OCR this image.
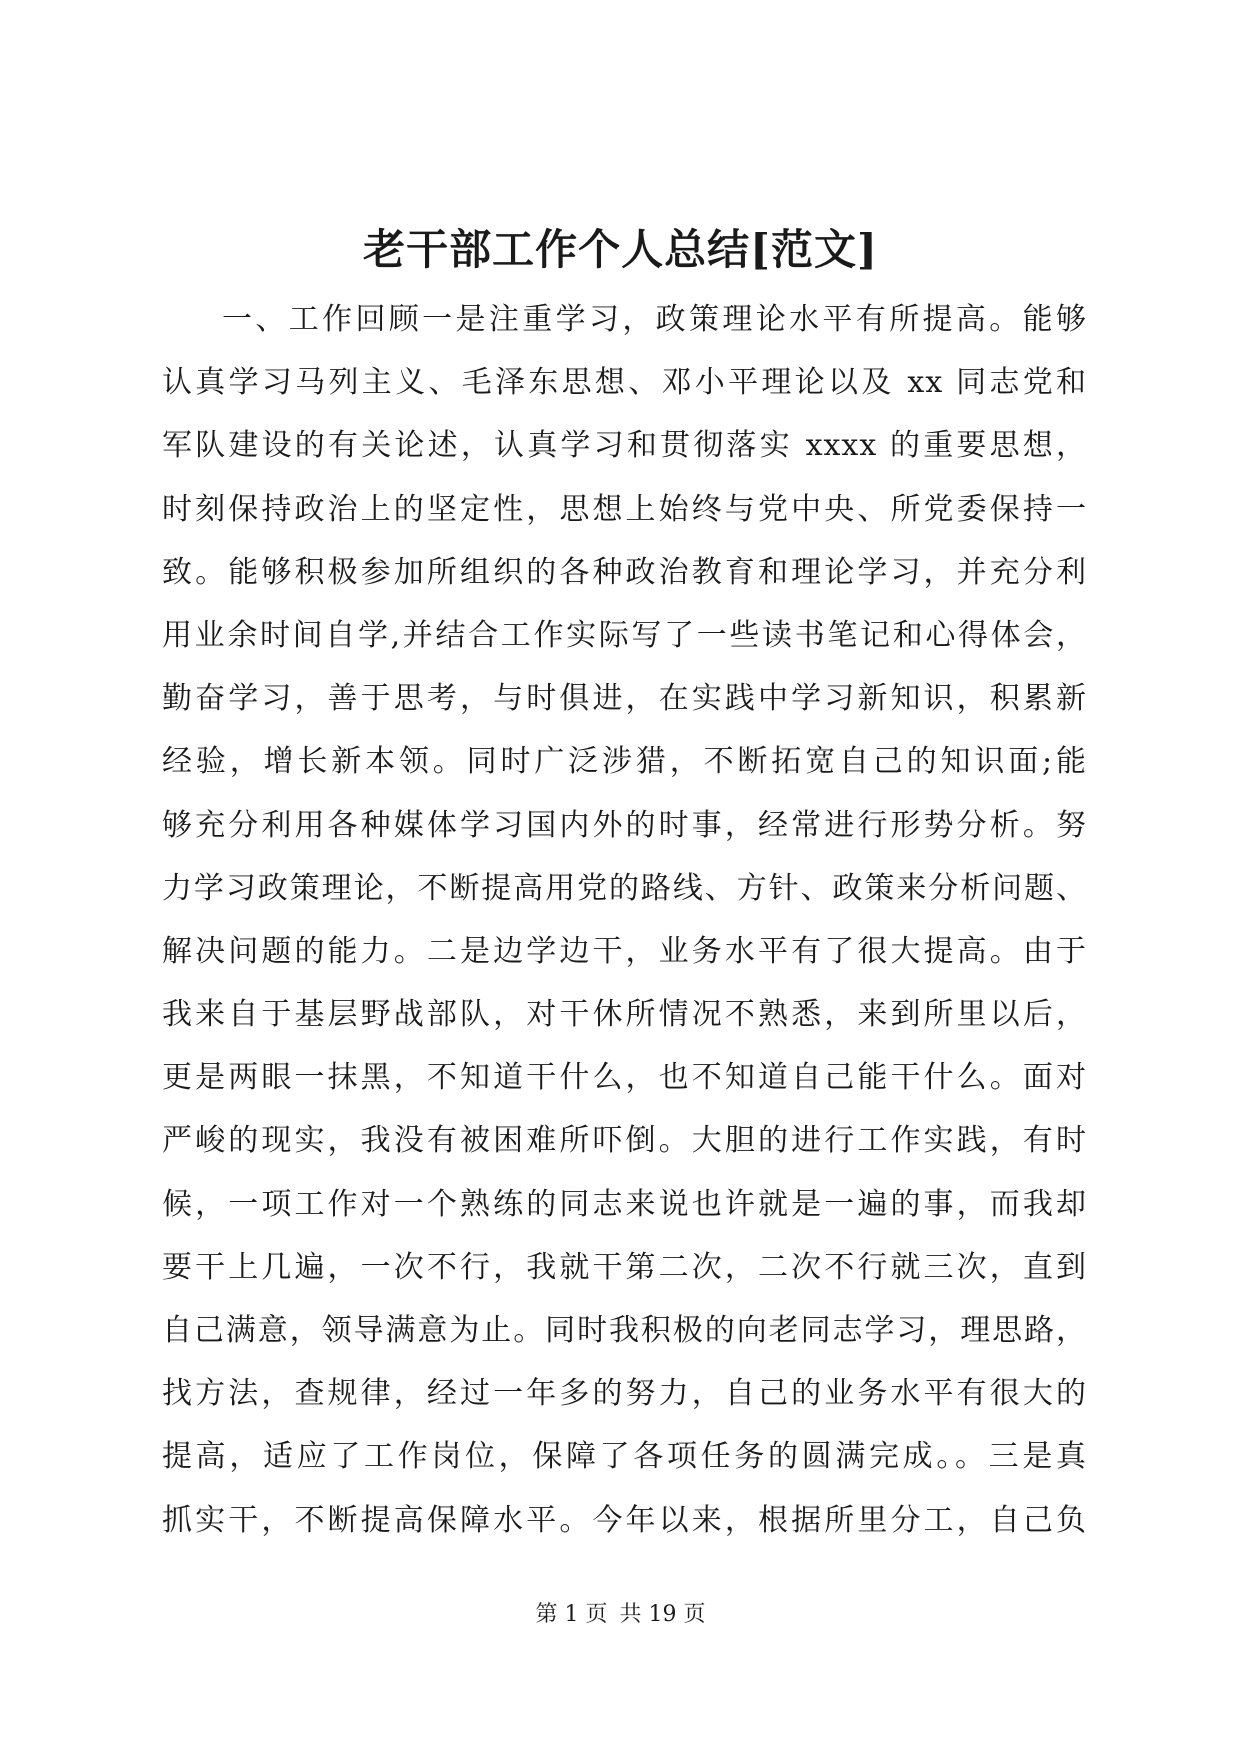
老干部工作个人总结[范文]
一、工作回顾一是注重学习，政策理论水平有所提高。能够
认真学习马列主义、毛泽东思想、邓小平理论以及 xx 同志党和
军队建设的有关论述，认真学习和贯彻落实 xxxx 的重要思想，
时刻保持政治上的坚定性，思想上始终与党中央、所党委保持一
致。能够积极参加所组织的各种政治教育和理论学习，并充分利
用业余时间自学,并结合工作实际写了一些读书笔记和心得体会，
勤奋学习，善于思考，与时俱进，在实践中学习新知识，积累新
经验，增长新本领。同时广泛涉猎，不断拓宽自己的知识面;能
够充分利用各种媒体学习国内外的时事，经常进行形势分析。努
力学习政策理论，不断提高用党的路线、方针、政策来分析问题、
解决问题的能力。二是边学边干，业务水平有了很大提高。由于
我来自于基层野战部队，对干休所情况不熟悉，来到所里以后，
更是两眼一抹黑，不知道干什么，也不知道自己能干什么。面对
严峻的现实，我没有被困难所吓倒。大胆的进行工作实践，有时
候，一项工作对一个熟练的同志来说也许就是一遍的事，而我却
要干上几遍，一次不行，我就干第二次，二次不行就三次，直到
自己满意，领导满意为止。同时我积极的向老同志学习，理思路，
找方法，查规律，经过一年多的努力，自己的业务水平有很大的
提高，适应了工作岗位，保障了各项任务的圆满完成。。三是真
抓实干，不断提高保障水平。今年以来，根据所里分工，自己负
第 1 页 共 19 页
